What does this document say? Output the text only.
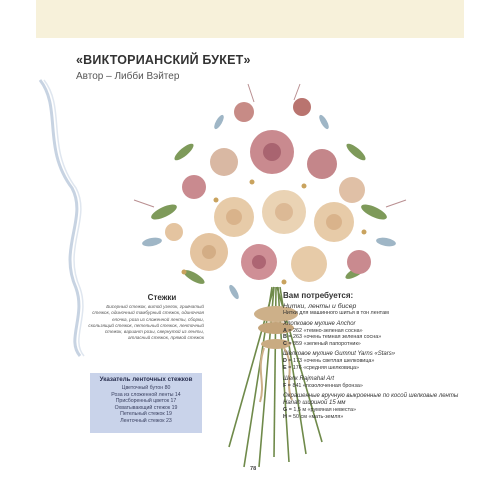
«ВИКТОРИАНСКИЙ БУКЕТ»
Автор – Либби Вэйтер
Стежки
Бисерный стежок, витой узелок, гривчатый стежок, одиночный тамбурный стежок, одиночная елочка, роза из сложенной ленты, сборки, скользящий стежок, петельный стежок, ленточный стежок, вариант розы, свернутой из ленты, атласный стежок, прямой стежок
Указатель ленточных стежков
Цветочный бутон 80
Роза из сложенной ленты 14
Присборенный цветок 17
Охватывающий стежок 19
Петельный стежок 19
Ленточный стежок 23
Вам потребуется:
Нитки, ленты и бисер
Нитки для машинного шитья в тон лентам
Хлопковое мулине Anchor
A = 262 «темно-зеленая сосна»
B = 263 «очень темная зеленая сосна»
C = 859 «зеленый папоротник»
Шелковое мулине Gumnut Yarns «Stars»
D = 173 «очень светлая шелковица»
E = 176 «средняя шелковица»
Шелк Rajmahal Art
F = 841 «позолоченная бронза»
Окрашенные вручную выкроенные по косой шелковые ленты Hanah шириной 15 мм
G = 1,5 м «румяная невеста»
H = 50 см «мать-земля»
78
